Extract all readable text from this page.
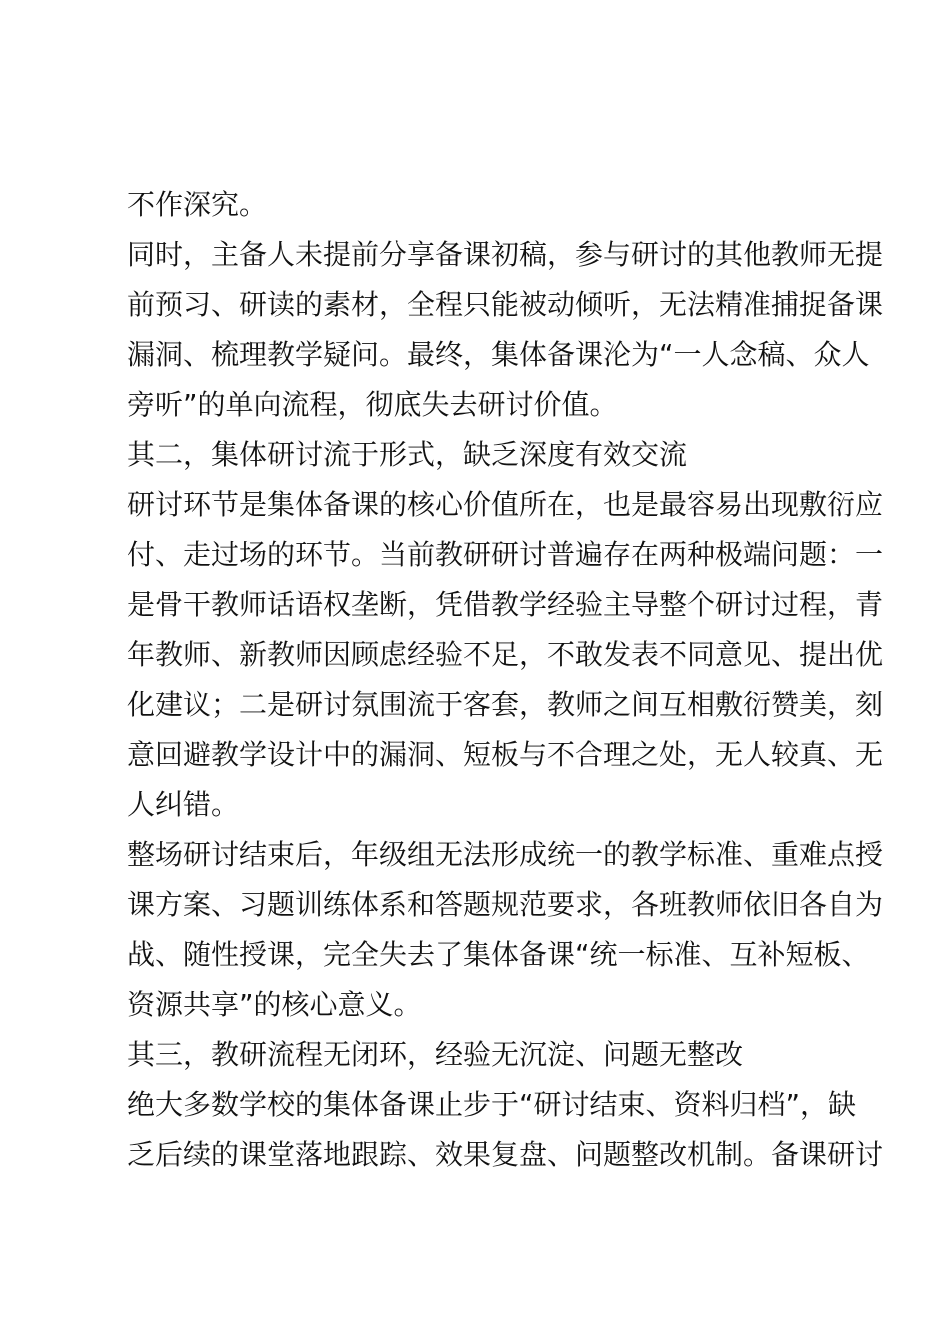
不作深究。
同时，主备人未提前分享备课初稿，参与研讨的其他教师无提
前预习、研读的素材，全程只能被动倾听，无法精准捕捉备课
漏洞、梳理教学疑问。最终，集体备课沦为“一人念稿、众人
旁听”的单向流程，彻底失去研讨价值。
其二，集体研讨流于形式，缺乏深度有效交流
研讨环节是集体备课的核心价值所在，也是最容易出现敷衍应
付、走过场的环节。当前教研研讨普遍存在两种极端问题：一
是骨干教师话语权垄断，凭借教学经验主导整个研讨过程，青
年教师、新教师因顾虑经验不足，不敢发表不同意见、提出优
化建议；二是研讨氛围流于客套，教师之间互相敷衍赞美，刻
意回避教学设计中的漏洞、短板与不合理之处，无人较真、无
人纠错。
整场研讨结束后，年级组无法形成统一的教学标准、重难点授
课方案、习题训练体系和答题规范要求，各班教师依旧各自为
战、随性授课，完全失去了集体备课“统一标准、互补短板、
资源共享”的核心意义。
其三，教研流程无闭环，经验无沉淀、问题无整改
绝大多数学校的集体备课止步于“研讨结束、资料归档”，缺
乏后续的课堂落地跟踪、效果复盘、问题整改机制。备课研讨
